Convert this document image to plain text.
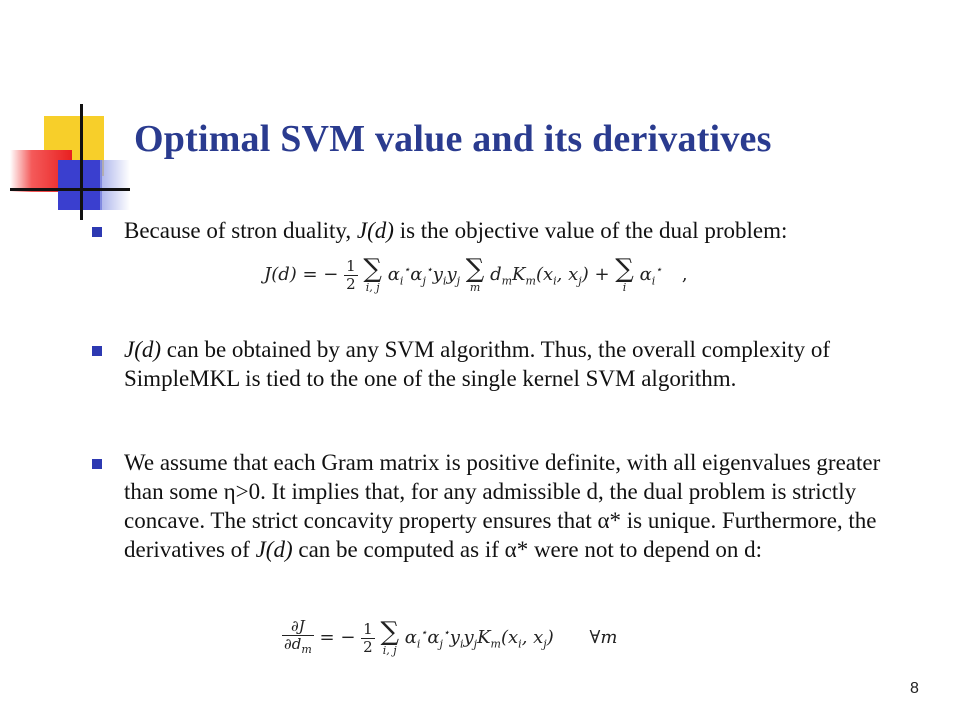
Optimal SVM value and its derivatives

Because of stron duality, J(d) is the objective value of the dual problem:

J(d) = − $\frac{1}{2}$ ∑
i, j
$\alpha_i^⋆\alpha_j^⋆y_iy_j$ ∑
m
$d_mK_m(x_i$, $x_j$) + ∑
i
$\alpha_i^⋆$ ,

J(d) can be obtained by any SVM algorithm. Thus, the overall complexity of SimpleMKL is tied to the one of the single kernel SVM algorithm.

We assume that each Gram matrix is positive definite, with all eigenvalues greater than some η>0. It implies that, for any admissible d, the dual problem is strictly concave. The strict concavity property ensures that α* is unique. Furthermore, the derivatives of J(d) can be computed as if α* were not to depend on d:

$\frac{\partial J}{\partial d_m}$ = − $\frac{1}{2}$ ∑
i, j
$\alpha_i^⋆\alpha_j^⋆y_iy_jK_m(x_i$, $x_j$) ∀m
8
